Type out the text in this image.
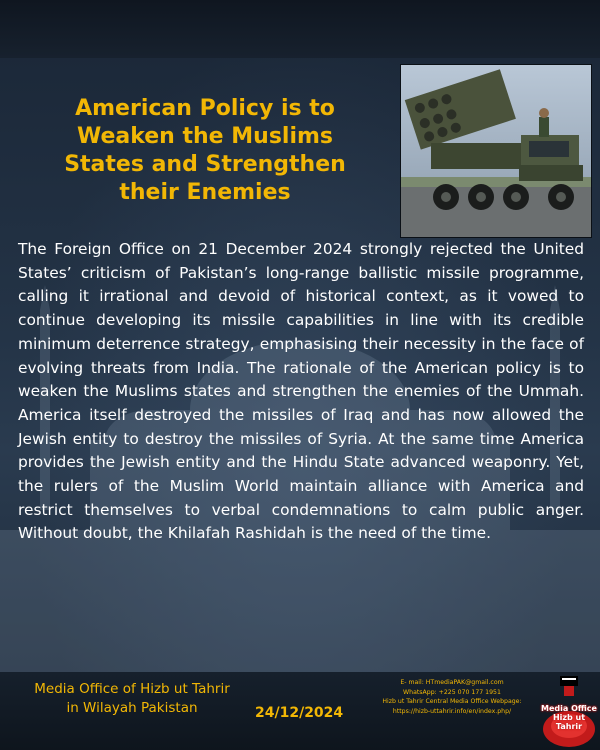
American Policy is to Weaken the Muslims States and Strengthen their Enemies

The Foreign Office on 21 December 2024 strongly rejected the United States’ criticism of Pakistan’s long-range ballistic missile programme, calling it irrational and devoid of historical context, as it vowed to continue developing its missile capabilities in line with its credible minimum deterrence strategy, emphasising their necessity in the face of evolving threats from India. The rationale of the American policy is to weaken the Muslims states and strengthen the enemies of the Ummah. America itself destroyed the missiles of Iraq and has now allowed the Jewish entity to destroy the missiles of Syria. At the same time America provides the Jewish entity and the Hindu State advanced weaponry. Yet, the rulers of the Muslim World maintain alliance with America and restrict themselves to verbal condemnations to calm public anger. Without doubt, the Khilafah Rashidah is the need of the time.

Media Office of Hizb ut Tahrir
in Wilayah Pakistan	24/12/2024
E- mail: HTmediaPAK@gmail.com
WhatsApp: +225 070 177 1951
Hizb ut Tahrir Central Media Office Webpage:
https://hizb-uttahrir.info/en/index.php/	Media Office Hizb ut Tahrir
